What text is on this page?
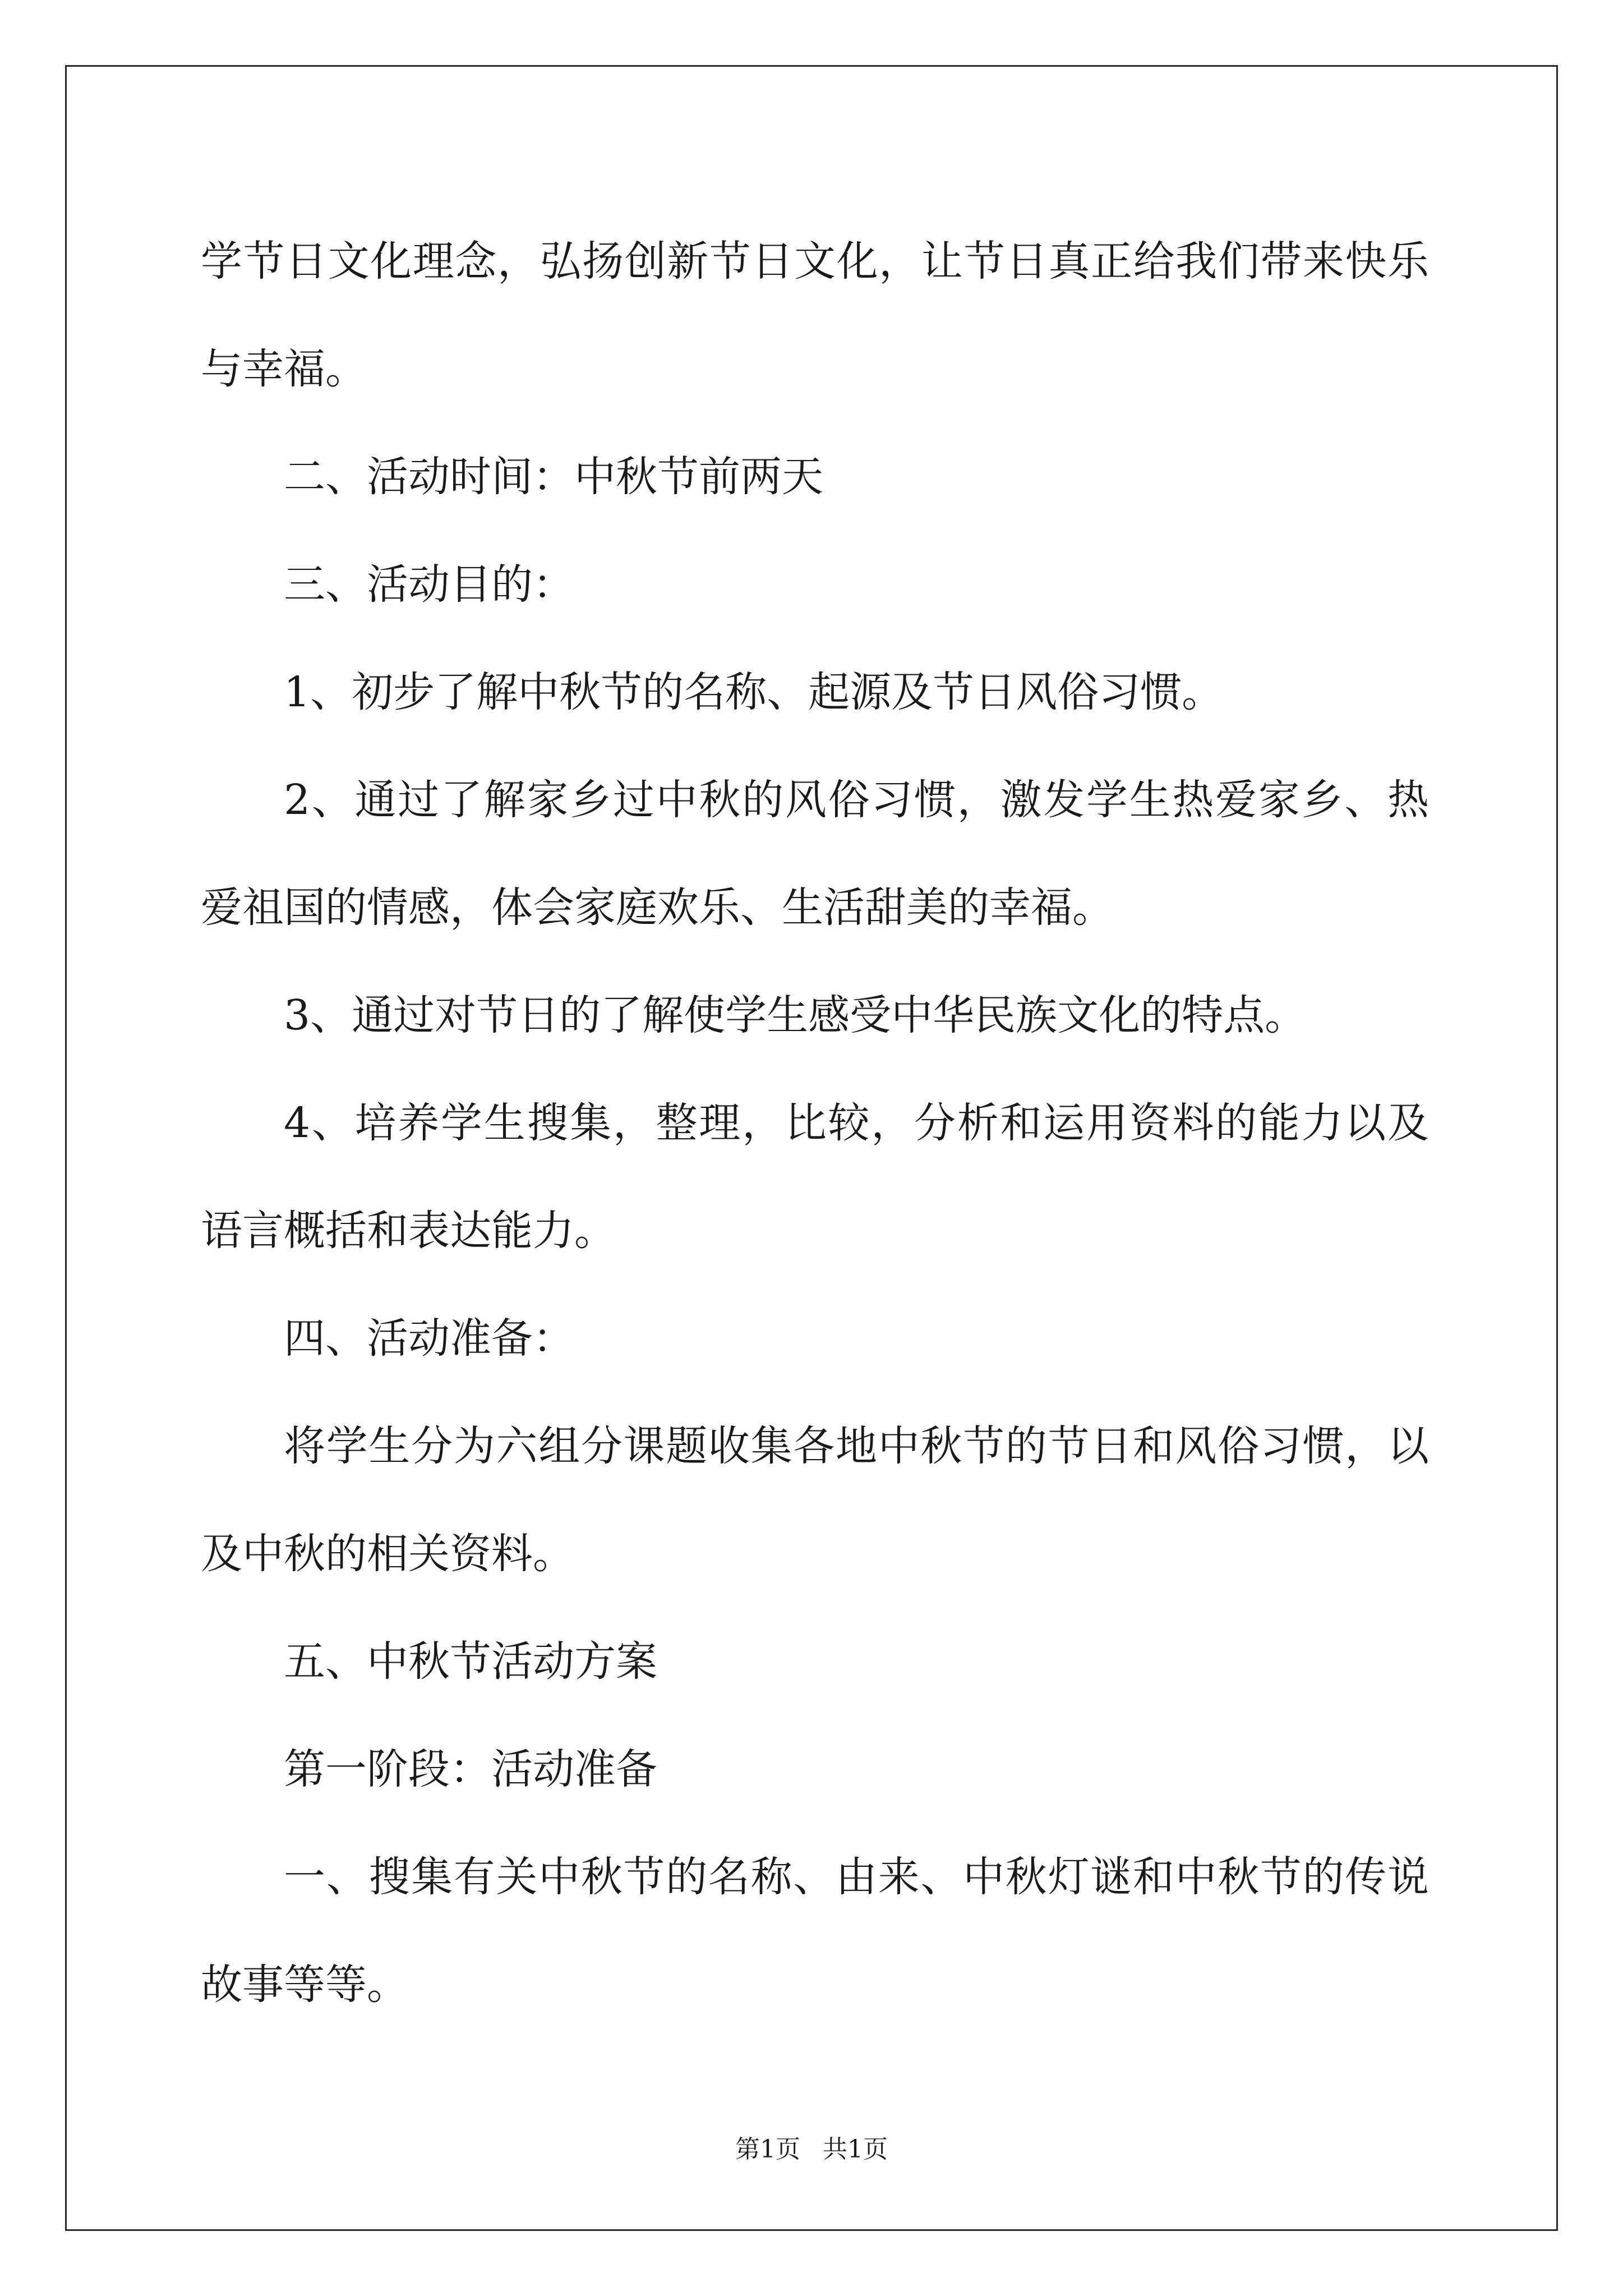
学节日文化理念，弘扬创新节日文化，让节日真正给我们带来快乐与幸福。

二、活动时间：中秋节前两天

三、活动目的：

1、初步了解中秋节的名称、起源及节日风俗习惯。

2、通过了解家乡过中秋的风俗习惯，激发学生热爱家乡、热爱祖国的情感，体会家庭欢乐、生活甜美的幸福。

3、通过对节日的了解使学生感受中华民族文化的特点。

4、培养学生搜集，整理，比较，分析和运用资料的能力以及语言概括和表达能力。

四、活动准备：

将学生分为六组分课题收集各地中秋节的节日和风俗习惯，以及中秋的相关资料。

五、中秋节活动方案

第一阶段：活动准备

一、搜集有关中秋节的名称、由来、中秋灯谜和中秋节的传说故事等等。

第1页 共1页
